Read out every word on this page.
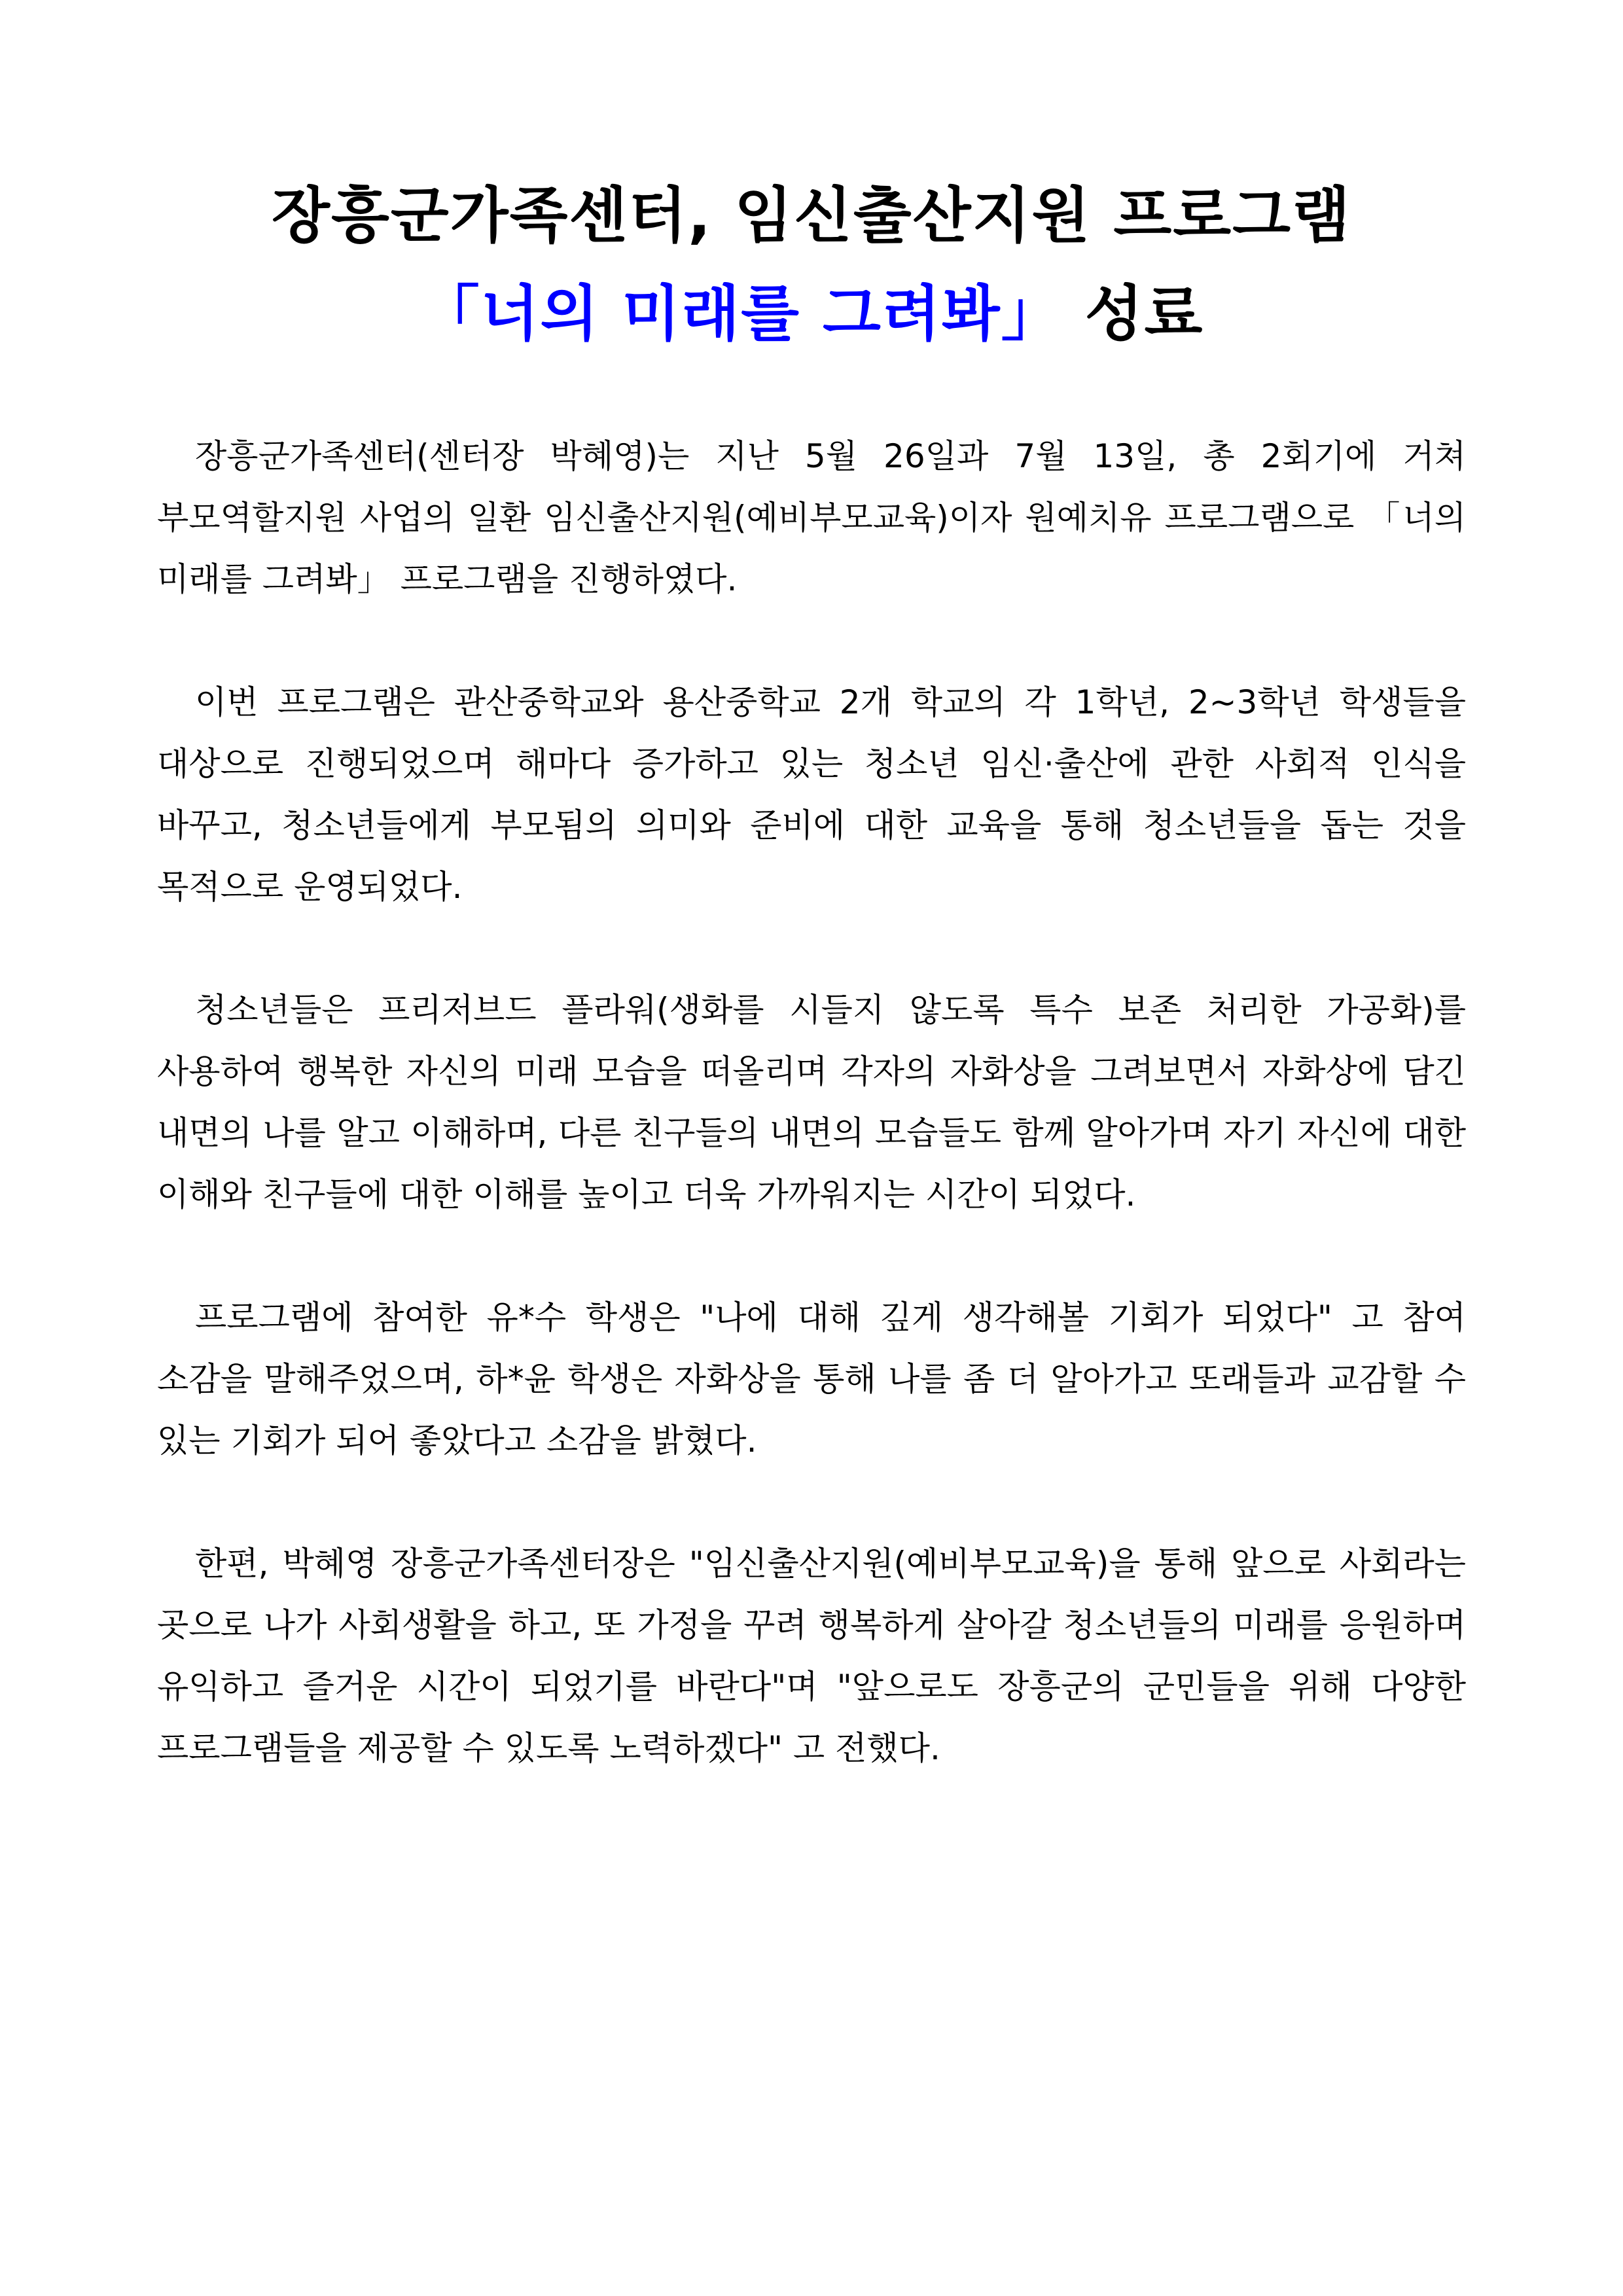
장흥군가족센터, 임신출산지원 프로그램
「너의 미래를 그려봐」 성료

장흥군가족센터(센터장 박혜영)는 지난 5월 26일과 7월 13일, 총 2회기에 거쳐 부모역할지원 사업의 일환 임신출산지원(예비부모교육)이자 원예치유 프로그램으로 「너의 미래를 그려봐」 프로그램을 진행하였다.

이번 프로그램은 관산중학교와 용산중학교 2개 학교의 각 1학년, 2~3학년 학생들을 대상으로 진행되었으며 해마다 증가하고 있는 청소년 임신·출산에 관한 사회적 인식을 바꾸고, 청소년들에게 부모됨의 의미와 준비에 대한 교육을 통해 청소년들을 돕는 것을 목적으로 운영되었다.

청소년들은 프리저브드 플라워(생화를 시들지 않도록 특수 보존 처리한 가공화)를 사용하여 행복한 자신의 미래 모습을 떠올리며 각자의 자화상을 그려보면서 자화상에 담긴 내면의 나를 알고 이해하며, 다른 친구들의 내면의 모습들도 함께 알아가며 자기 자신에 대한 이해와 친구들에 대한 이해를 높이고 더욱 가까워지는 시간이 되었다.

프로그램에 참여한 유*수 학생은 "나에 대해 깊게 생각해볼 기회가 되었다" 고 참여 소감을 말해주었으며, 하*윤 학생은 자화상을 통해 나를 좀 더 알아가고 또래들과 교감할 수 있는 기회가 되어 좋았다고 소감을 밝혔다.

한편, 박혜영 장흥군가족센터장은 "임신출산지원(예비부모교육)을 통해 앞으로 사회라는 곳으로 나가 사회생활을 하고, 또 가정을 꾸려 행복하게 살아갈 청소년들의 미래를 응원하며 유익하고 즐거운 시간이 되었기를 바란다"며 "앞으로도 장흥군의 군민들을 위해 다양한 프로그램들을 제공할 수 있도록 노력하겠다" 고 전했다.
